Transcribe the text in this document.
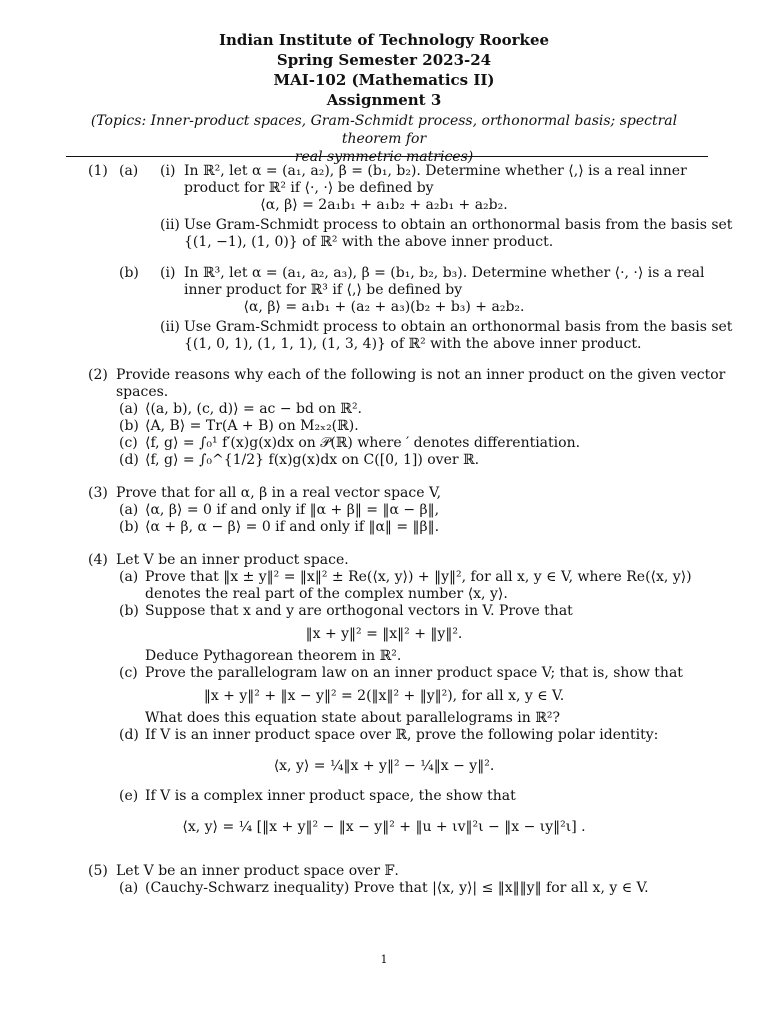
Indian Institute of Technology Roorkee
Spring Semester 2023-24
MAI-102 (Mathematics II)
Assignment 3
(Topics: Inner-product spaces, Gram-Schmidt process, orthonormal basis; spectral theorem for
real symmetric matrices)
(1) (a) (i) In ℝ², let α = (a₁, a₂), β = (b₁, b₂). Determine whether ⟨,⟩ is a real inner
product for ℝ² if ⟨·, ·⟩ be defined by
⟨α, β⟩ = 2a₁b₁ + a₁b₂ + a₂b₁ + a₂b₂.
(ii) Use Gram-Schmidt process to obtain an orthonormal basis from the basis set
{(1, −1), (1, 0)} of ℝ² with the above inner product.
(b) (i) In ℝ³, let α = (a₁, a₂, a₃), β = (b₁, b₂, b₃). Determine whether ⟨·, ·⟩ is a real
inner product for ℝ³ if ⟨,⟩ be defined by
⟨α, β⟩ = a₁b₁ + (a₂ + a₃)(b₂ + b₃) + a₂b₂.
(ii) Use Gram-Schmidt process to obtain an orthonormal basis from the basis set
{(1, 0, 1), (1, 1, 1), (1, 3, 4)} of ℝ² with the above inner product.
(2) Provide reasons why each of the following is not an inner product on the given vector
spaces.
(a) ⟨(a, b), (c, d)⟩ = ac − bd on ℝ².
(b) ⟨A, B⟩ = Tr(A + B) on M₂ₓ₂(ℝ).
(c) ⟨f, g⟩ = ∫₀¹ f′(x)g(x)dx on 𝒫(ℝ) where ′ denotes differentiation.
(d) ⟨f, g⟩ = ∫₀^{1/2} f(x)g(x)dx on C([0, 1]) over ℝ.
(3) Prove that for all α, β in a real vector space V,
(a) ⟨α, β⟩ = 0 if and only if ‖α + β‖ = ‖α − β‖,
(b) ⟨α + β, α − β⟩ = 0 if and only if ‖α‖ = ‖β‖.
(4) Let V be an inner product space.
(a) Prove that ‖x ± y‖² = ‖x‖² ± Re(⟨x, y⟩) + ‖y‖², for all x, y ∈ V, where Re(⟨x, y⟩)
denotes the real part of the complex number ⟨x, y⟩.
(b) Suppose that x and y are orthogonal vectors in V. Prove that
‖x + y‖² = ‖x‖² + ‖y‖².
Deduce Pythagorean theorem in ℝ².
(c) Prove the parallelogram law on an inner product space V; that is, show that
‖x + y‖² + ‖x − y‖² = 2(‖x‖² + ‖y‖²), for all x, y ∈ V.
What does this equation state about parallelograms in ℝ²?
(d) If V is an inner product space over ℝ, prove the following polar identity:
⟨x, y⟩ = ¼‖x + y‖² − ¼‖x − y‖².
(e) If V is a complex inner product space, the show that
⟨x, y⟩ = ¼ [‖x + y‖² − ‖x − y‖² + ‖u + ιv‖²ι − ‖x − ιy‖²ι] .
(5) Let V be an inner product space over 𝔽.
(a) (Cauchy-Schwarz inequality) Prove that |⟨x, y⟩| ≤ ‖x‖‖y‖ for all x, y ∈ V.
1
